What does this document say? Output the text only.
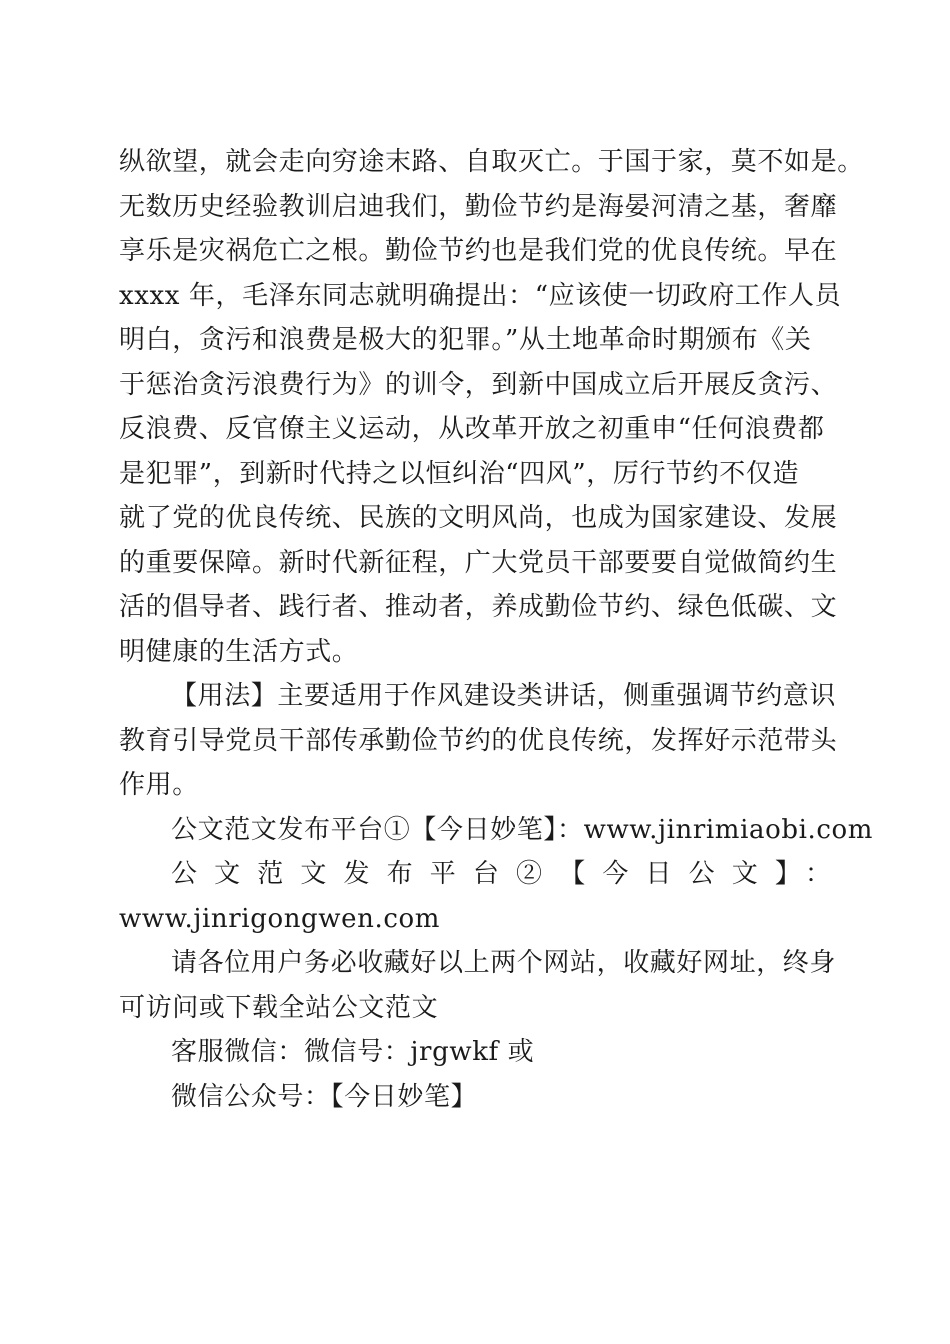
纵欲望，就会走向穷途末路、自取灭亡。于国于家，莫不如是。
无数历史经验教训启迪我们，勤俭节约是海晏河清之基，奢靡
享乐是灾祸危亡之根。勤俭节约也是我们党的优良传统。早在
xxxx 年，毛泽东同志就明确提出：“应该使一切政府工作人员
明白，贪污和浪费是极大的犯罪。”从土地革命时期颁布《关
于惩治贪污浪费行为》的训令，到新中国成立后开展反贪污、
反浪费、反官僚主义运动，从改革开放之初重申“任何浪费都
是犯罪”，到新时代持之以恒纠治“四风”，厉行节约不仅造
就了党的优良传统、民族的文明风尚，也成为国家建设、发展
的重要保障。新时代新征程，广大党员干部要要自觉做简约生
活的倡导者、践行者、推动者，养成勤俭节约、绿色低碳、文
明健康的生活方式。
【用法】主要适用于作风建设类讲话，侧重强调节约意识
教育引导党员干部传承勤俭节约的优良传统，发挥好示范带头
作用。
公文范文发布平台①【今日妙笔】：www.jinrimiaobi.com
公文范文发布平台②【今日公文】：
www.jinrigongwen.com
请各位用户务必收藏好以上两个网站，收藏好网址，终身
可访问或下载全站公文范文
客服微信：微信号：jrgwkf 或
微信公众号：【今日妙笔】
